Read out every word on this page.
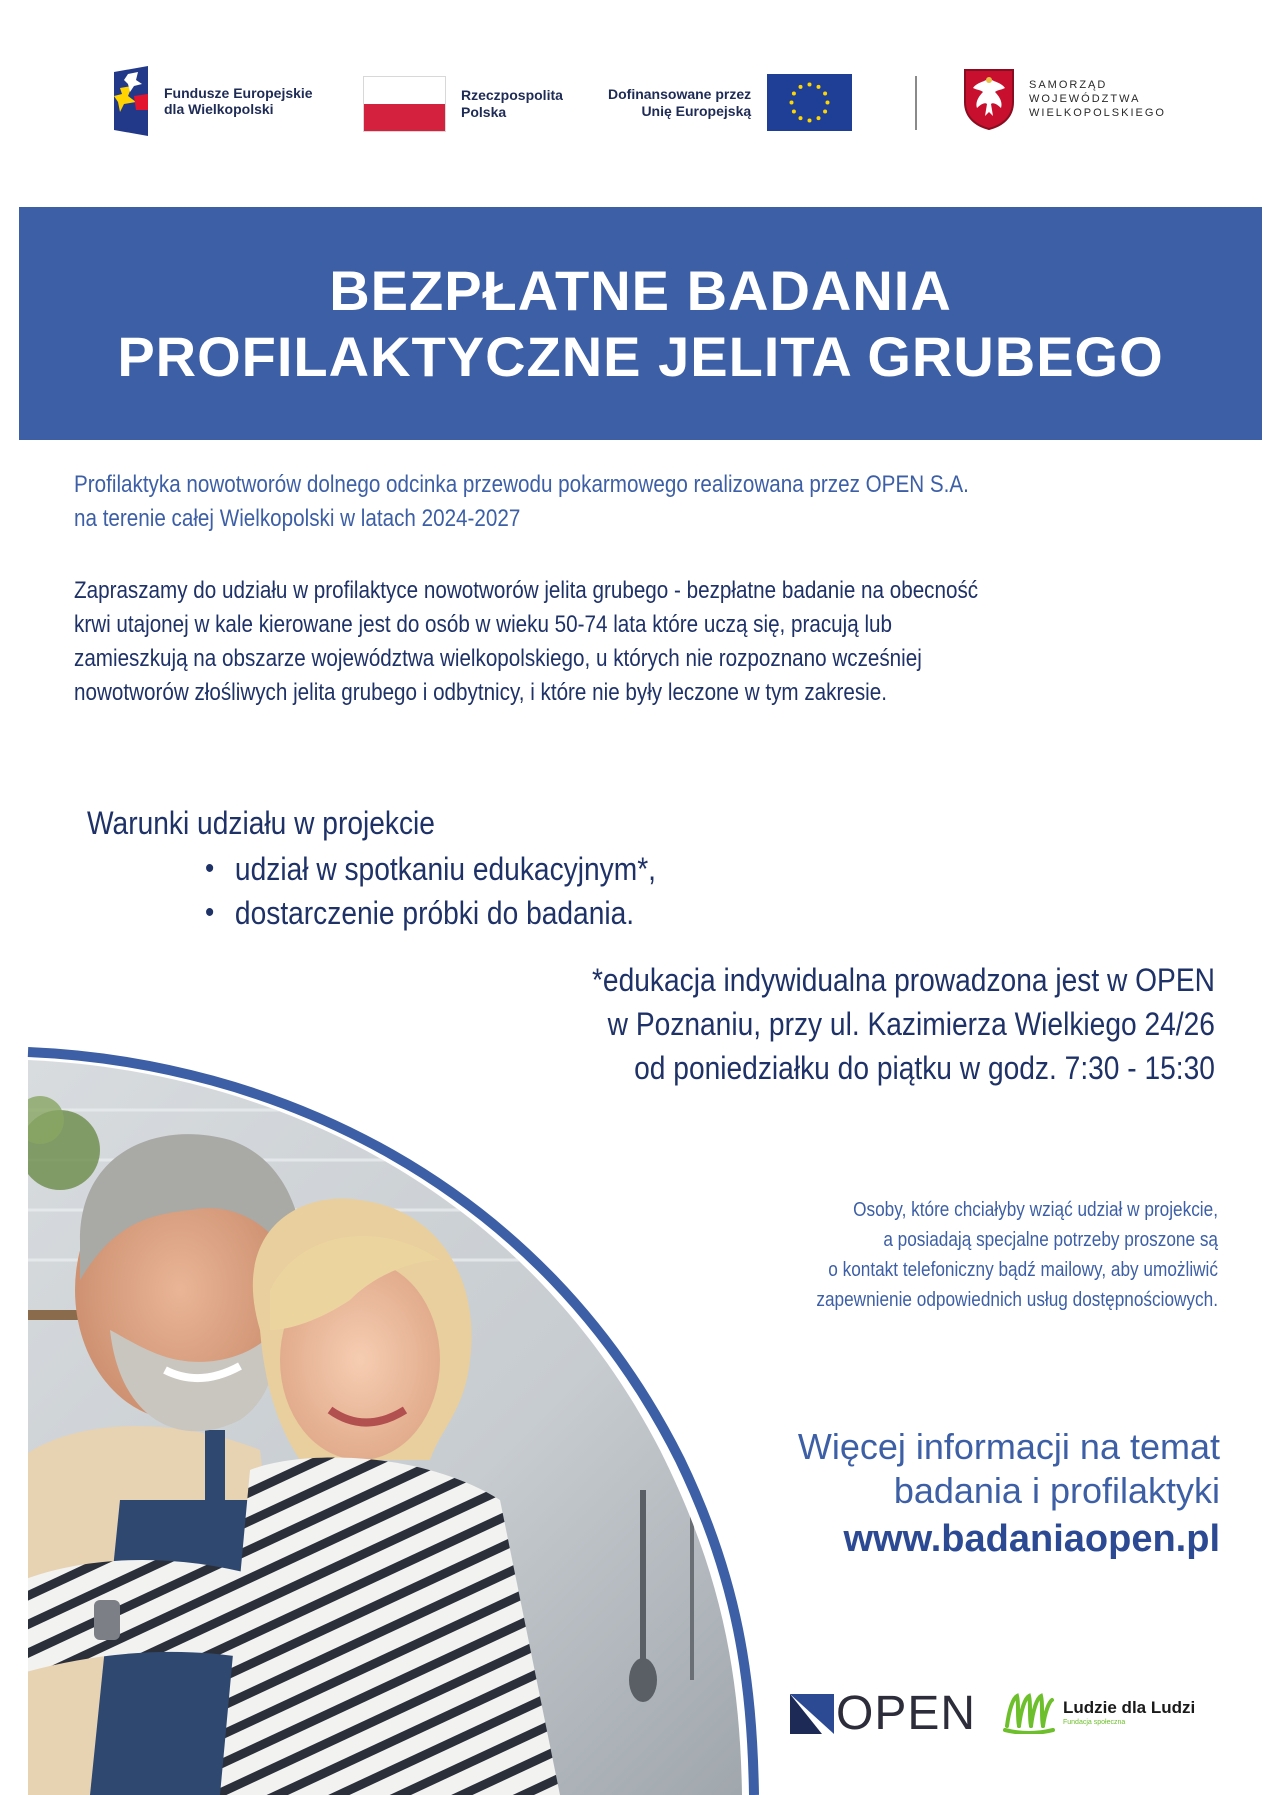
Fundusze Europejskie
dla Wielkopolski
Rzeczpospolita
Polska
Dofinansowane przez
Unię Europejską
SAMORZĄD
WOJEWÓDZTWA
WIELKOPOLSKIEGO
BEZPŁATNE BADANIA
PROFILAKTYCZNE JELITA GRUBEGO
Profilaktyka nowotworów dolnego odcinka przewodu pokarmowego realizowana przez OPEN S.A.
na terenie całej Wielkopolski w latach 2024-2027
Zapraszamy do udziału w profilaktyce nowotworów jelita grubego - bezpłatne badanie na obecność
krwi utajonej w kale kierowane jest do osób w wieku 50-74 lata które uczą się, pracują lub
zamieszkują na obszarze województwa wielkopolskiego, u których nie rozpoznano wcześniej
nowotworów złośliwych jelita grubego i odbytnicy, i które nie były leczone w tym zakresie.
Warunki udziału w projekcie
• udział w spotkaniu edukacyjnym*,
• dostarczenie próbki do badania.
*edukacja indywidualna prowadzona jest w OPEN
w Poznaniu, przy ul. Kazimierza Wielkiego 24/26
od poniedziałku do piątku w godz. 7:30 - 15:30
Osoby, które chciałyby wziąć udział w projekcie,
a posiadają specjalne potrzeby proszone są
o kontakt telefoniczny bądź mailowy, aby umożliwić
zapewnienie odpowiednich usług dostępnościowych.
Więcej informacji na temat
badania i profilaktyki
www.badaniaopen.pl
OPEN	Ludzie dla Ludzi
Fundacja społeczna
